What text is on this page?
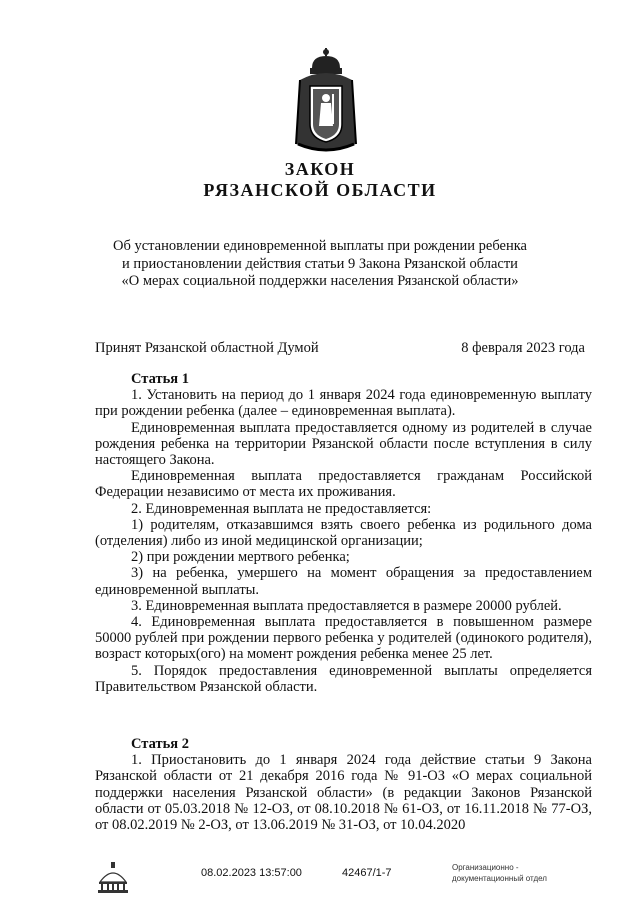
ЗАКОН
РЯЗАНСКОЙ ОБЛАСТИ
Об установлении единовременной выплаты при рождении ребенка
и приостановлении действия статьи 9 Закона Рязанской области
«О мерах социальной поддержки населения Рязанской области»
Принят Рязанской областной Думой	8 февраля 2023 года

Статья 1

1. Установить на период до 1 января 2024 года единовременную выплату при рождении ребенка (далее – единовременная выплата).

Единовременная выплата предоставляется одному из родителей в случае рождения ребенка на территории Рязанской области после вступления в силу настоящего Закона.

Единовременная выплата предоставляется гражданам Российской Федерации независимо от места их проживания.

2. Единовременная выплата не предоставляется:

1) родителям, отказавшимся взять своего ребенка из родильного дома (отделения) либо из иной медицинской организации;

2) при рождении мертвого ребенка;

3) на ребенка, умершего на момент обращения за предоставлением единовременной выплаты.

3. Единовременная выплата предоставляется в размере 20000 рублей.

4. Единовременная выплата предоставляется в повышенном размере 50000 рублей при рождении первого ребенка у родителей (одинокого родителя), возраст которых(ого) на момент рождения ребенка менее 25 лет.

5. Порядок предоставления единовременной выплаты определяется Правительством Рязанской области.

Статья 2

1. Приостановить до 1 января 2024 года действие статьи 9 Закона Рязанской области от 21 декабря 2016 года № 91-ОЗ «О мерах социальной поддержки населения Рязанской области» (в редакции Законов Рязанской области от 05.03.2018 № 12-ОЗ, от 08.10.2018 № 61-ОЗ, от 16.11.2018 № 77-ОЗ, от 08.02.2019 № 2-ОЗ, от 13.06.2019 № 31-ОЗ, от 10.04.2020

08.02.2023 13:57:00	42467/1-7	Организационно -
документационный отдел
